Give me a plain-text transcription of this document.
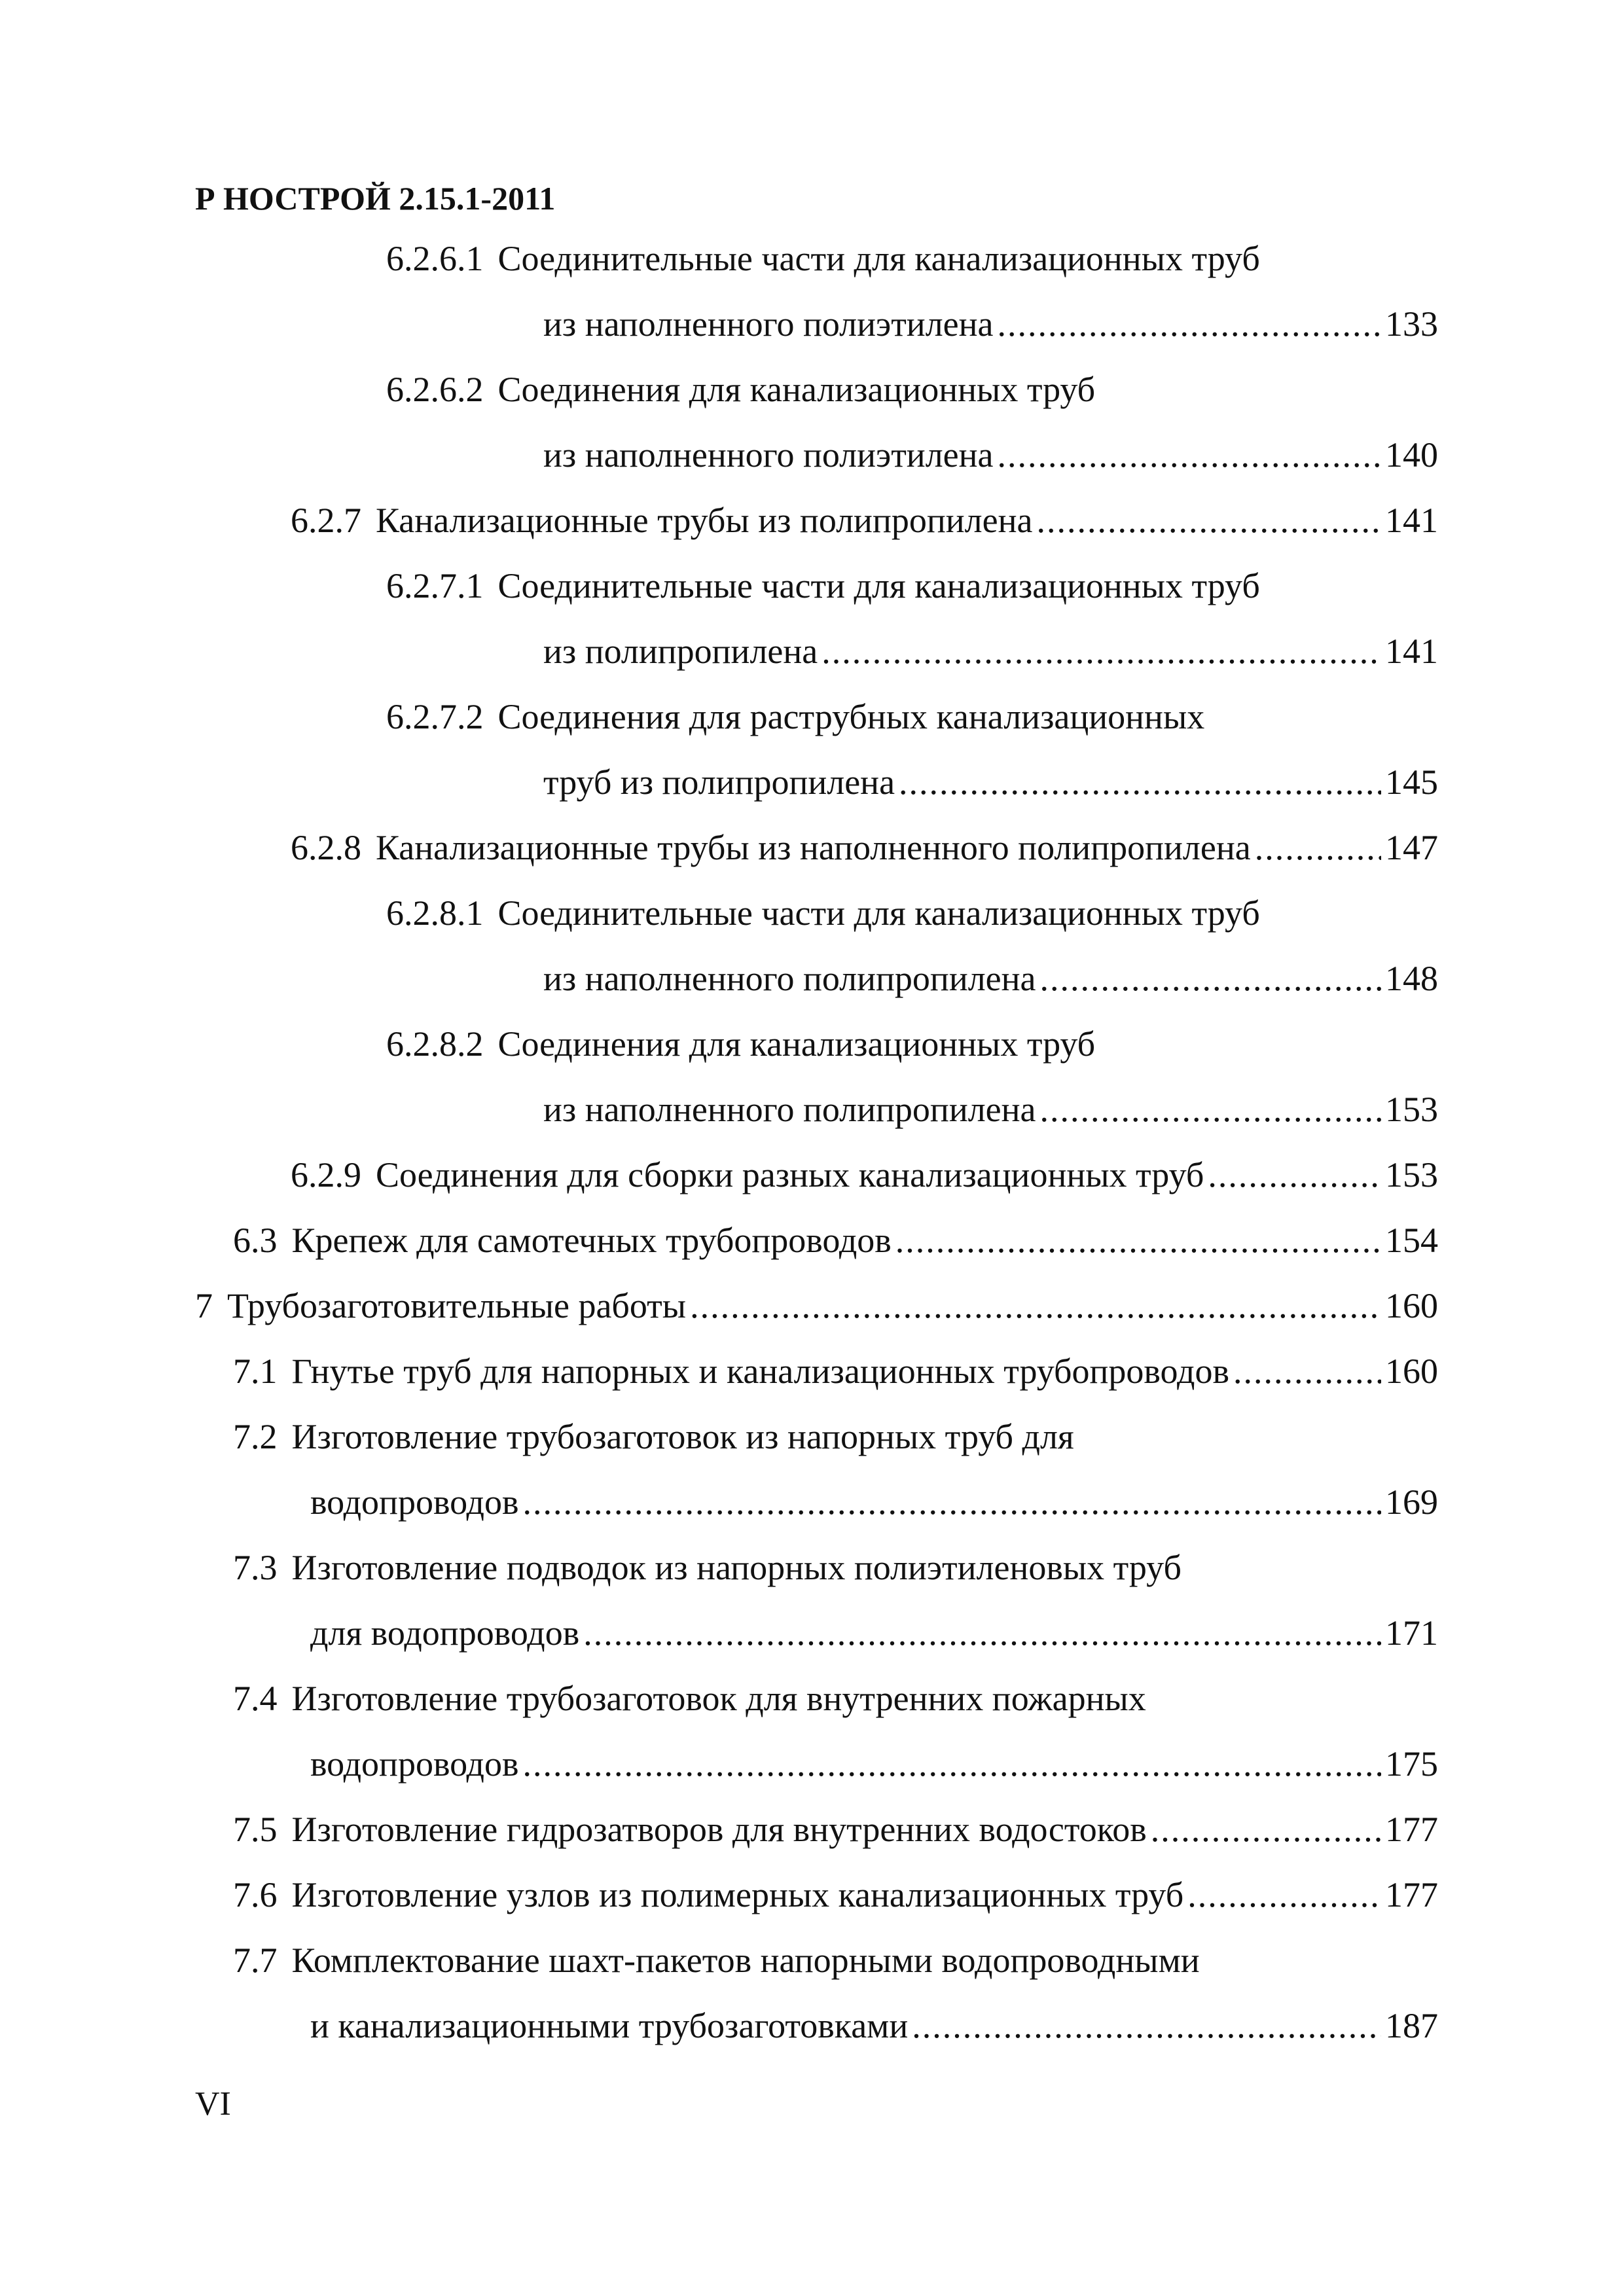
Р НОСТРОЙ 2.15.1-2011
6.2.6.1 Соединительные части для канализационных труб
из наполненного полиэтилена .....	133
6.2.6.2 Соединения для канализационных труб
из наполненного полиэтилена .....	140
6.2.7 Канализационные трубы из полипропилена .....	141
6.2.7.1 Соединительные части для канализационных труб
из полипропилена .....	141
6.2.7.2 Соединения для раструбных канализационных
труб из полипропилена .....	145
6.2.8 Канализационные трубы из наполненного полипропилена .....	147
6.2.8.1 Соединительные части для канализационных труб
из наполненного полипропилена .....	148
6.2.8.2 Соединения для канализационных труб
из наполненного полипропилена .....	153
6.2.9 Соединения для сборки разных канализационных труб .....	153
6.3 Крепеж для самотечных трубопроводов .....	154
7 Трубозаготовительные работы .....	160
7.1 Гнутье труб для напорных и канализационных трубопроводов .....	160
7.2 Изготовление трубозаготовок из напорных труб для
водопроводов .....	169
7.3 Изготовление подводок из напорных полиэтиленовых труб
для водопроводов .....	171
7.4 Изготовление трубозаготовок для внутренних пожарных
водопроводов .....	175
7.5 Изготовление гидрозатворов для внутренних водостоков .....	177
7.6 Изготовление узлов из полимерных канализационных труб .....	177
7.7 Комплектование шахт-пакетов напорными водопроводными
и канализационными трубозаготовками .....	187
VI
